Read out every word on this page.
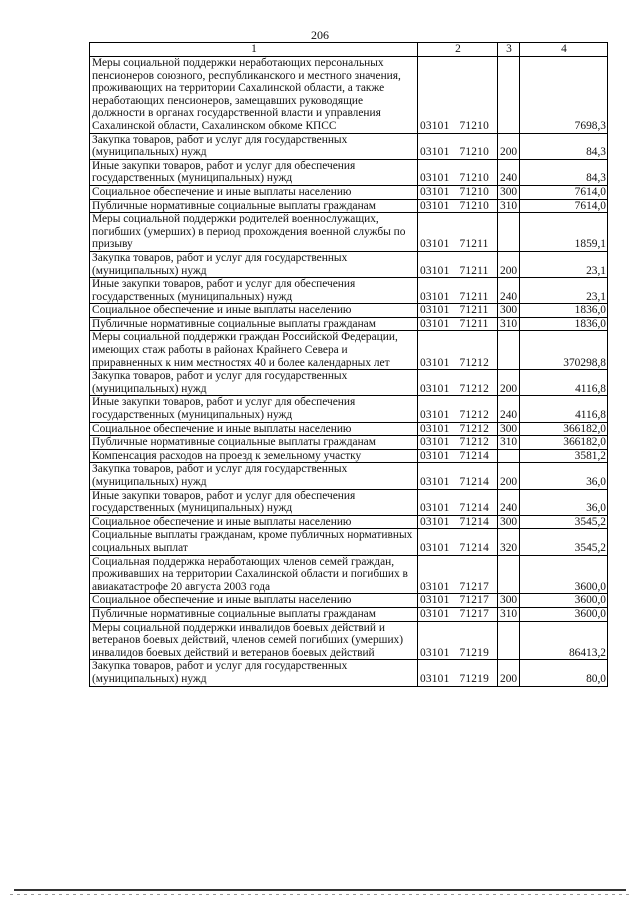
206
1	2	3	4
Меры социальной поддержки неработающих персональных пенсионеров союзного, республиканского и местного значения, проживающих на территории Сахалинской области, а также неработающих пенсионеров, замещавших руководящие должности в органах государственной власти и управления Сахалинской области, Сахалинском обкоме КПСС	03101 71210		7698,3
Закупка товаров, работ и услуг для государственных (муниципальных) нужд	03101 71210	200	84,3
Иные закупки товаров, работ и услуг для обеспечения государственных (муниципальных) нужд	03101 71210	240	84,3
Социальное обеспечение и иные выплаты населению	03101 71210	300	7614,0
Публичные нормативные социальные выплаты гражданам	03101 71210	310	7614,0
Меры социальной поддержки родителей военнослужащих, погибших (умерших) в период прохождения военной службы по призыву	03101 71211		1859,1
Закупка товаров, работ и услуг для государственных (муниципальных) нужд	03101 71211	200	23,1
Иные закупки товаров, работ и услуг для обеспечения государственных (муниципальных) нужд	03101 71211	240	23,1
Социальное обеспечение и иные выплаты населению	03101 71211	300	1836,0
Публичные нормативные социальные выплаты гражданам	03101 71211	310	1836,0
Меры социальной поддержки граждан Российской Федерации, имеющих стаж работы в районах Крайнего Севера и приравненных к ним местностях 40 и более календарных лет	03101 71212		370298,8
Закупка товаров, работ и услуг для государственных (муниципальных) нужд	03101 71212	200	4116,8
Иные закупки товаров, работ и услуг для обеспечения государственных (муниципальных) нужд	03101 71212	240	4116,8
Социальное обеспечение и иные выплаты населению	03101 71212	300	366182,0
Публичные нормативные социальные выплаты гражданам	03101 71212	310	366182,0
Компенсация расходов на проезд к земельному участку	03101 71214		3581,2
Закупка товаров, работ и услуг для государственных (муниципальных) нужд	03101 71214	200	36,0
Иные закупки товаров, работ и услуг для обеспечения государственных (муниципальных) нужд	03101 71214	240	36,0
Социальное обеспечение и иные выплаты населению	03101 71214	300	3545,2
Социальные выплаты гражданам, кроме публичных нормативных социальных выплат	03101 71214	320	3545,2
Социальная поддержка неработающих членов семей граждан, проживавших на территории Сахалинской области и погибших в авиакатастрофе 20 августа 2003 года	03101 71217		3600,0
Социальное обеспечение и иные выплаты населению	03101 71217	300	3600,0
Публичные нормативные социальные выплаты гражданам	03101 71217	310	3600,0
Меры социальной поддержки инвалидов боевых действий и ветеранов боевых действий, членов семей погибших (умерших) инвалидов боевых действий и ветеранов боевых действий	03101 71219		86413,2
Закупка товаров, работ и услуг для государственных (муниципальных) нужд	03101 71219	200	80,0
